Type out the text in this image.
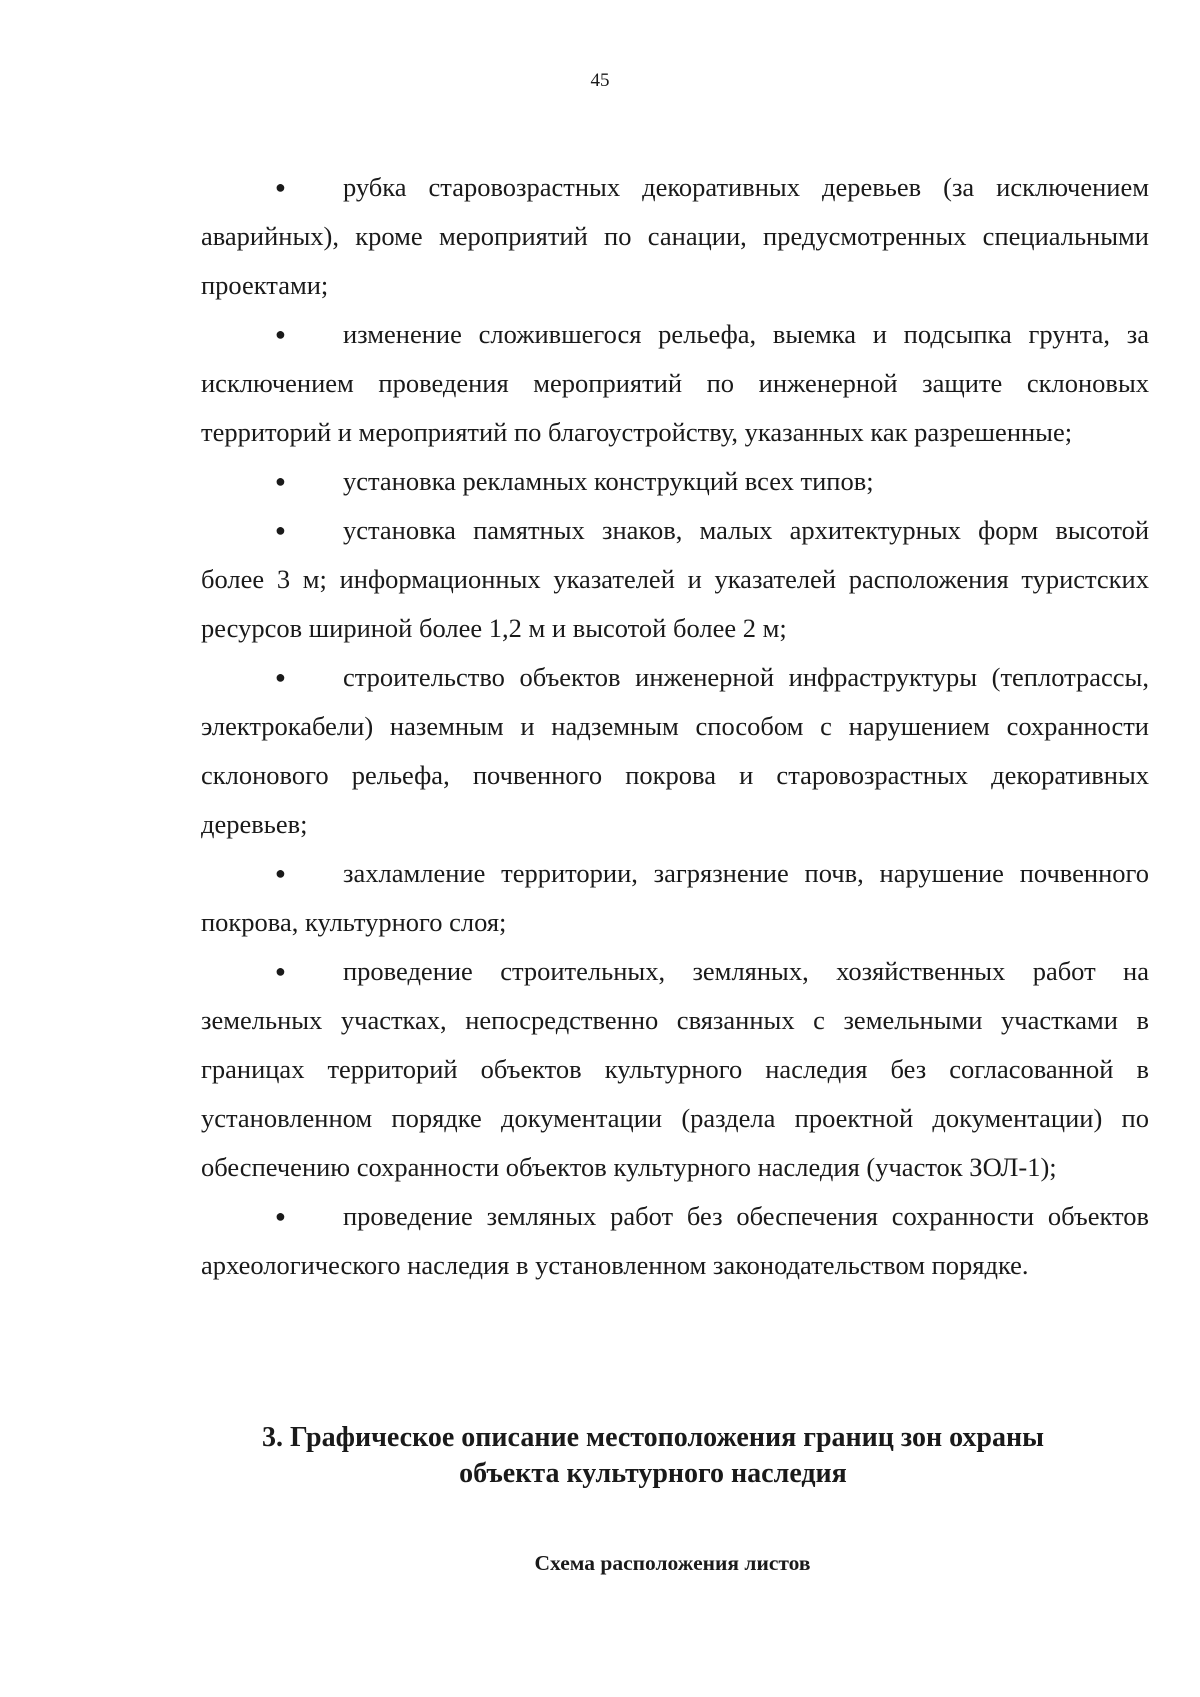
45
● рубка старовозрастных декоративных деревьев (за исключением аварийных), кроме мероприятий по санации, предусмотренных специальными проектами;
● изменение сложившегося рельефа, выемка и подсыпка грунта, за исключением проведения мероприятий по инженерной защите склоновых территорий и мероприятий по благоустройству, указанных как разрешенные;
● установка рекламных конструкций всех типов;
● установка памятных знаков, малых архитектурных форм высотой более 3 м; информационных указателей и указателей расположения туристских ресурсов шириной более 1,2 м и высотой более 2 м;
● строительство объектов инженерной инфраструктуры (теплотрассы, электрокабели) наземным и надземным способом с нарушением сохранности склонового рельефа, почвенного покрова и старовозрастных декоративных деревьев;
● захламление территории, загрязнение почв, нарушение почвенного покрова, культурного слоя;
● проведение строительных, земляных, хозяйственных работ на земельных участках, непосредственно связанных с земельными участками в границах территорий объектов культурного наследия без согласованной в установленном порядке документации (раздела проектной документации) по обеспечению сохранности объектов культурного наследия (участок ЗОЛ-1);
● проведение земляных работ без обеспечения сохранности объектов археологического наследия в установленном законодательством порядке.
3. Графическое описание местоположения границ зон охраны
объекта культурного наследия
Схема расположения листов
